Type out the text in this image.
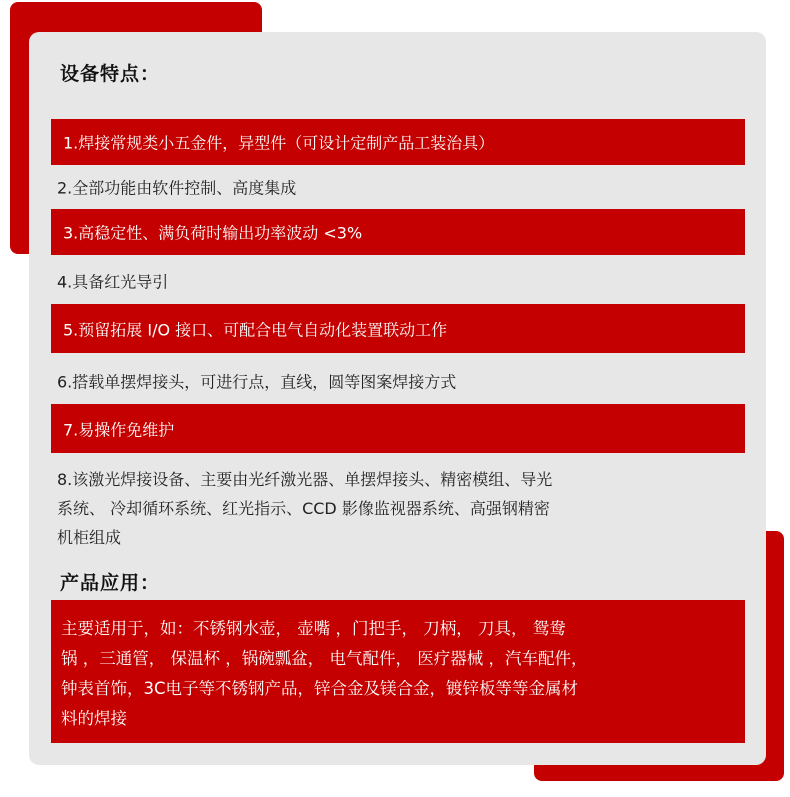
设备特点：
1.焊接常规类小五金件，异型件（可设计定制产品工装治具）
2.全部功能由软件控制、高度集成
3.高稳定性、满负荷时输出功率波动 <3%
4.具备红光导引
5.预留拓展 I/O 接口、可配合电气自动化装置联动工作
6.搭载单摆焊接头，可进行点，直线，圆等图案焊接方式
7.易操作免维护
8.该激光焊接设备、主要由光纤激光器、单摆焊接头、精密模组、导光
系统、 冷却循环系统、红光指示、CCD 影像监视器系统、高强钢精密
机柜组成
产品应用：
主要适用于，如：不锈钢水壶， 壶嘴 ，门把手， 刀柄， 刀具， 鸳鸯
锅 ，三通管， 保温杯 ，锅碗瓢盆， 电气配件， 医疗器械 ，汽车配件，
钟表首饰，3C电子等不锈钢产品，锌合金及镁合金，镀锌板等等金属材
料的焊接
